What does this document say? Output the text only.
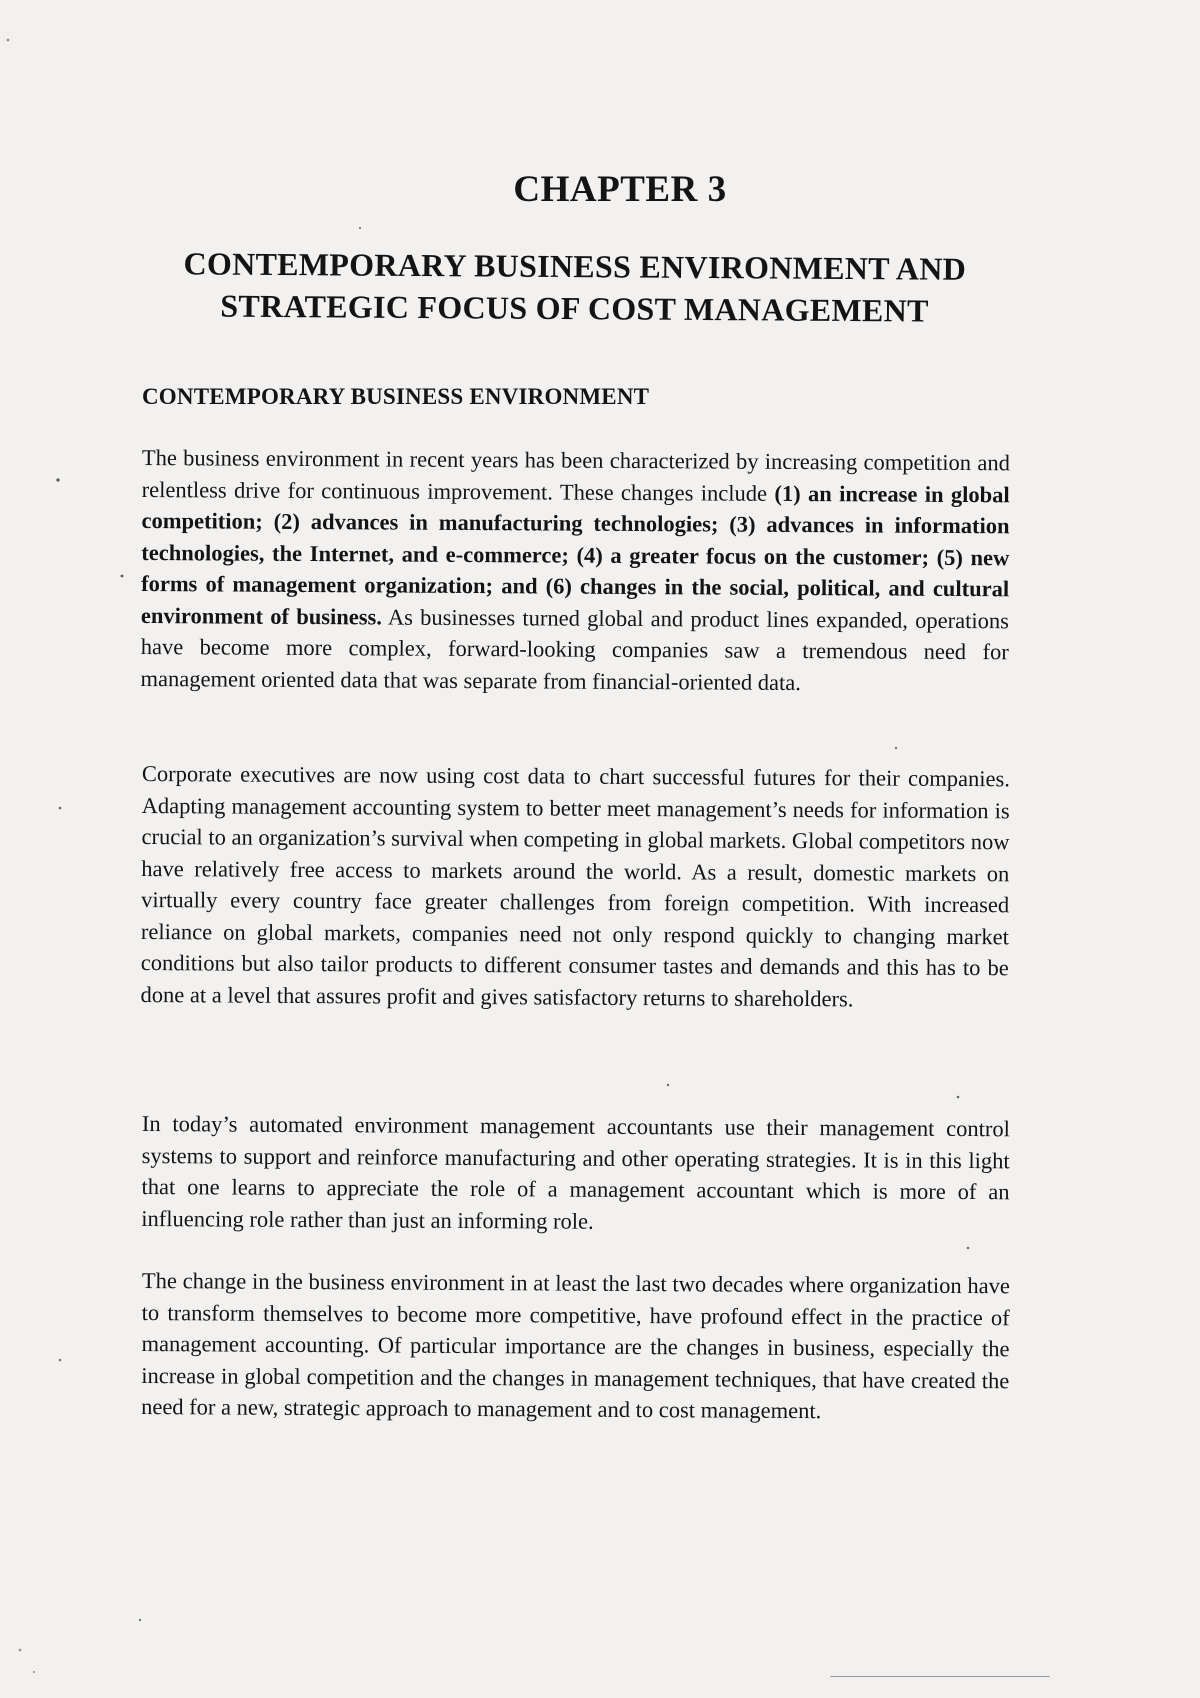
CHAPTER 3
CONTEMPORARY BUSINESS ENVIRONMENT AND
STRATEGIC FOCUS OF COST MANAGEMENT
CONTEMPORARY BUSINESS ENVIRONMENT

The business environment in recent years has been characterized by increasing competition and relentless drive for continuous improvement. These changes include (1) an increase in global competition; (2) advances in manufacturing technologies; (3) advances in information technologies, the Internet, and e-commerce; (4) a greater focus on the customer; (5) new forms of management organization; and (6) changes in the social, political, and cultural environment of business. As businesses turned global and product lines expanded, operations have become more complex, forward-looking companies saw a tremendous need for management oriented data that was separate from financial-oriented data.

Corporate executives are now using cost data to chart successful futures for their companies. Adapting management accounting system to better meet management’s needs for information is crucial to an organization’s survival when competing in global markets. Global competitors now have relatively free access to markets around the world. As a result, domestic markets on virtually every country face greater challenges from foreign competition. With increased reliance on global markets, companies need not only respond quickly to changing market conditions but also tailor products to different consumer tastes and demands and this has to be done at a level that assures profit and gives satisfactory returns to shareholders.

In today’s automated environment management accountants use their management control systems to support and reinforce manufacturing and other operating strategies. It is in this light that one learns to appreciate the role of a management accountant which is more of an influencing role rather than just an informing role.

The change in the business environment in at least the last two decades where organization have to transform themselves to become more competitive, have profound effect in the practice of management accounting. Of particular importance are the changes in business, especially the increase in global competition and the changes in management techniques, that have created the need for a new, strategic approach to management and to cost management.
